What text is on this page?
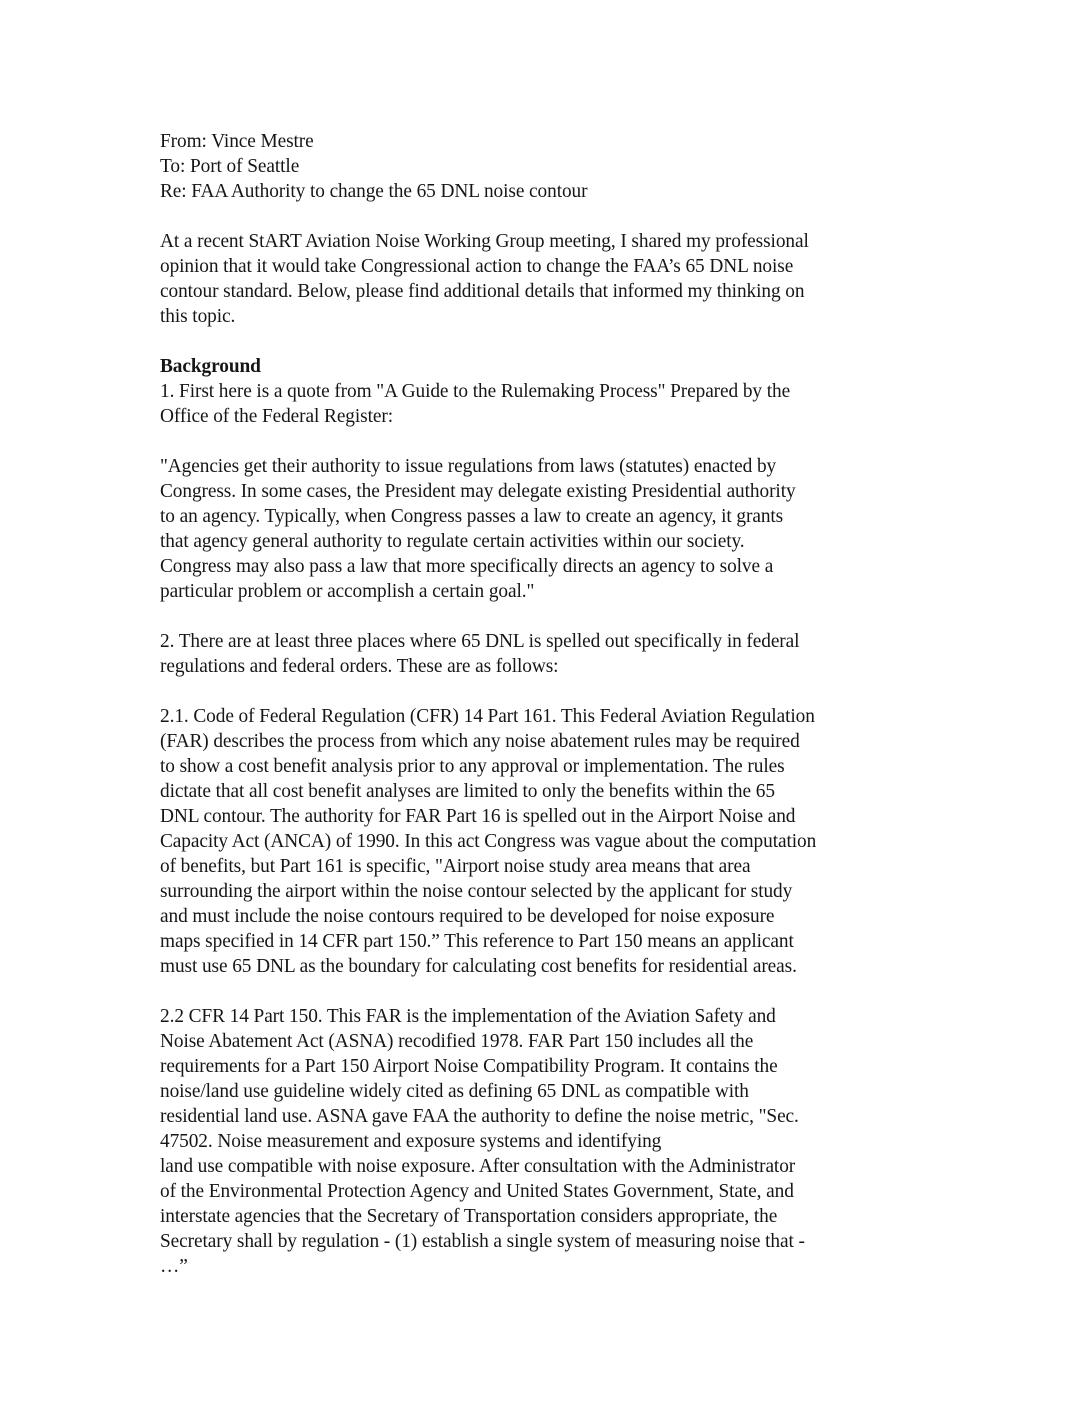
From: Vince Mestre
To: Port of Seattle
Re: FAA Authority to change the 65 DNL noise contour
At a recent StART Aviation Noise Working Group meeting, I shared my professional
opinion that it would take Congressional action to change the FAA’s 65 DNL noise
contour standard. Below, please find additional details that informed my thinking on
this topic.
Background
1. First here is a quote from "A Guide to the Rulemaking Process" Prepared by the
Office of the Federal Register:
"Agencies get their authority to issue regulations from laws (statutes) enacted by
Congress. In some cases, the President may delegate existing Presidential authority
to an agency. Typically, when Congress passes a law to create an agency, it grants
that agency general authority to regulate certain activities within our society.
Congress may also pass a law that more specifically directs an agency to solve a
particular problem or accomplish a certain goal."
2. There are at least three places where 65 DNL is spelled out specifically in federal
regulations and federal orders. These are as follows:
2.1. Code of Federal Regulation (CFR) 14 Part 161. This Federal Aviation Regulation
(FAR) describes the process from which any noise abatement rules may be required
to show a cost benefit analysis prior to any approval or implementation. The rules
dictate that all cost benefit analyses are limited to only the benefits within the 65
DNL contour. The authority for FAR Part 16 is spelled out in the Airport Noise and
Capacity Act (ANCA) of 1990. In this act Congress was vague about the computation
of benefits, but Part 161 is specific, "Airport noise study area means that area
surrounding the airport within the noise contour selected by the applicant for study
and must include the noise contours required to be developed for noise exposure
maps specified in 14 CFR part 150.” This reference to Part 150 means an applicant
must use 65 DNL as the boundary for calculating cost benefits for residential areas.
2.2 CFR 14 Part 150. This FAR is the implementation of the Aviation Safety and
Noise Abatement Act (ASNA) recodified 1978. FAR Part 150 includes all the
requirements for a Part 150 Airport Noise Compatibility Program. It contains the
noise/land use guideline widely cited as defining 65 DNL as compatible with
residential land use. ASNA gave FAA the authority to define the noise metric, "Sec.
47502. Noise measurement and exposure systems and identifying
land use compatible with noise exposure. After consultation with the Administrator
of the Environmental Protection Agency and United States Government, State, and
interstate agencies that the Secretary of Transportation considers appropriate, the
Secretary shall by regulation - (1) establish a single system of measuring noise that -
…”
